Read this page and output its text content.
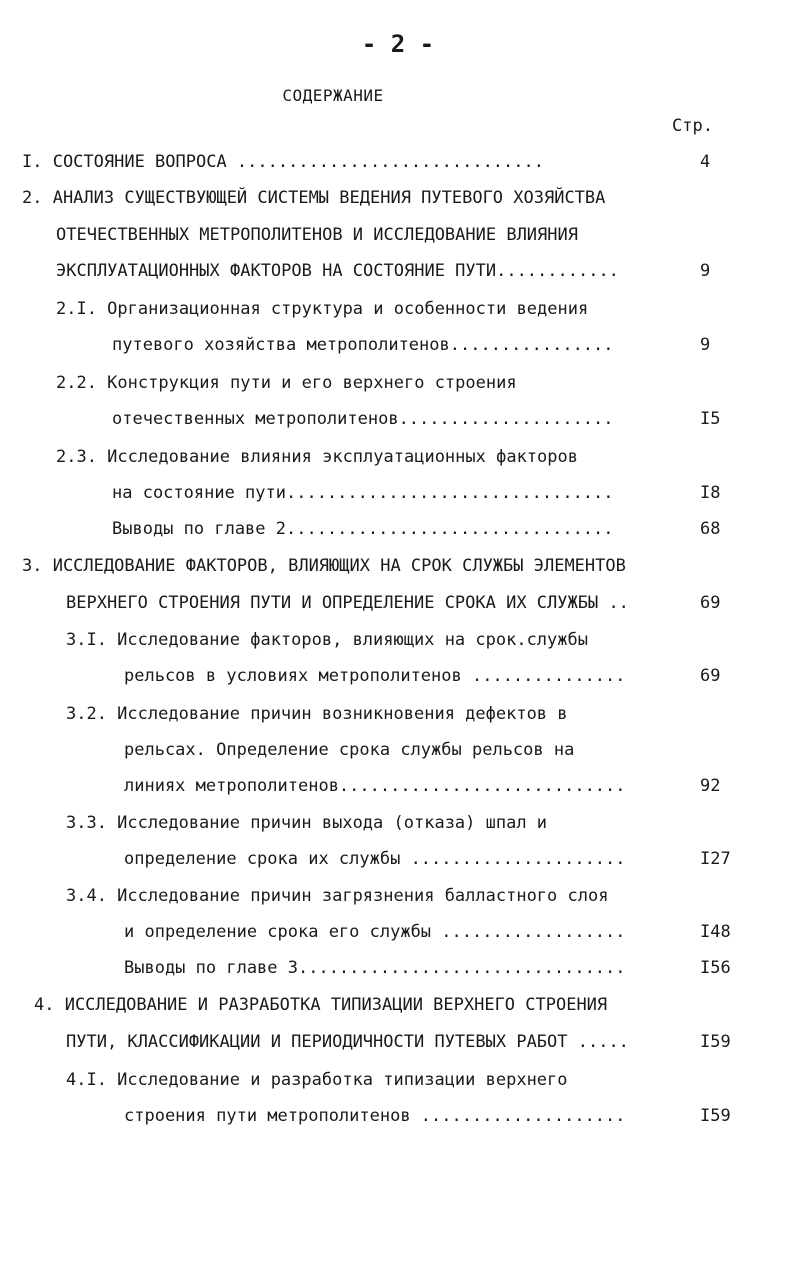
- 2 -
СОДЕРЖАНИЕ
Стр.
I. СОСТОЯНИЕ ВОПРОСА ..............................
2. АНАЛИЗ СУЩЕСТВУЮЩЕЙ СИСТЕМЫ ВЕДЕНИЯ ПУТЕВОГО ХОЗЯЙСТВА
ОТЕЧЕСТВЕННЫХ МЕТРОПОЛИТЕНОВ И ИССЛЕДОВАНИЕ ВЛИЯНИЯ
ЭКСПЛУАТАЦИОННЫХ ФАКТОРОВ НА СОСТОЯНИЕ ПУТИ............
2.I. Организационная структура и особенности ведения
путевого хозяйства метрополитенов................
2.2. Конструкция пути и его верхнего строения
отечественных метрополитенов.....................
2.3. Исследование влияния эксплуатационных факторов
на состояние пути................................
Выводы по главе 2................................
3. ИССЛЕДОВАНИЕ ФАКТОРОВ, ВЛИЯЮЩИХ НА СРОК СЛУЖБЫ ЭЛЕМЕНТОВ
ВЕРХНЕГО СТРОЕНИЯ ПУТИ И ОПРЕДЕЛЕНИЕ СРОКА ИХ СЛУЖБЫ ..
3.I. Исследование факторов, влияющих на срок.службы
рельсов в условиях метрополитенов ...............
3.2. Исследование причин возникновения дефектов в
рельсах. Определение срока службы рельсов на
линиях метрополитенов............................
3.3. Исследование причин выхода (отказа) шпал и
определение срока их службы .....................
3.4. Исследование причин загрязнения балластного слоя
и определение срока его службы ..................
Выводы по главе 3................................
4. ИССЛЕДОВАНИЕ И РАЗРАБОТКА ТИПИЗАЦИИ ВЕРХНЕГО СТРОЕНИЯ
ПУТИ, КЛАССИФИКАЦИИ И ПЕРИОДИЧНОСТИ ПУТЕВЫХ РАБОТ .....
4.I. Исследование и разработка типизации верхнего
строения пути метрополитенов ....................
4
9
9
I5
I8
68
69
69
92
I27
I48
I56
I59
I59
